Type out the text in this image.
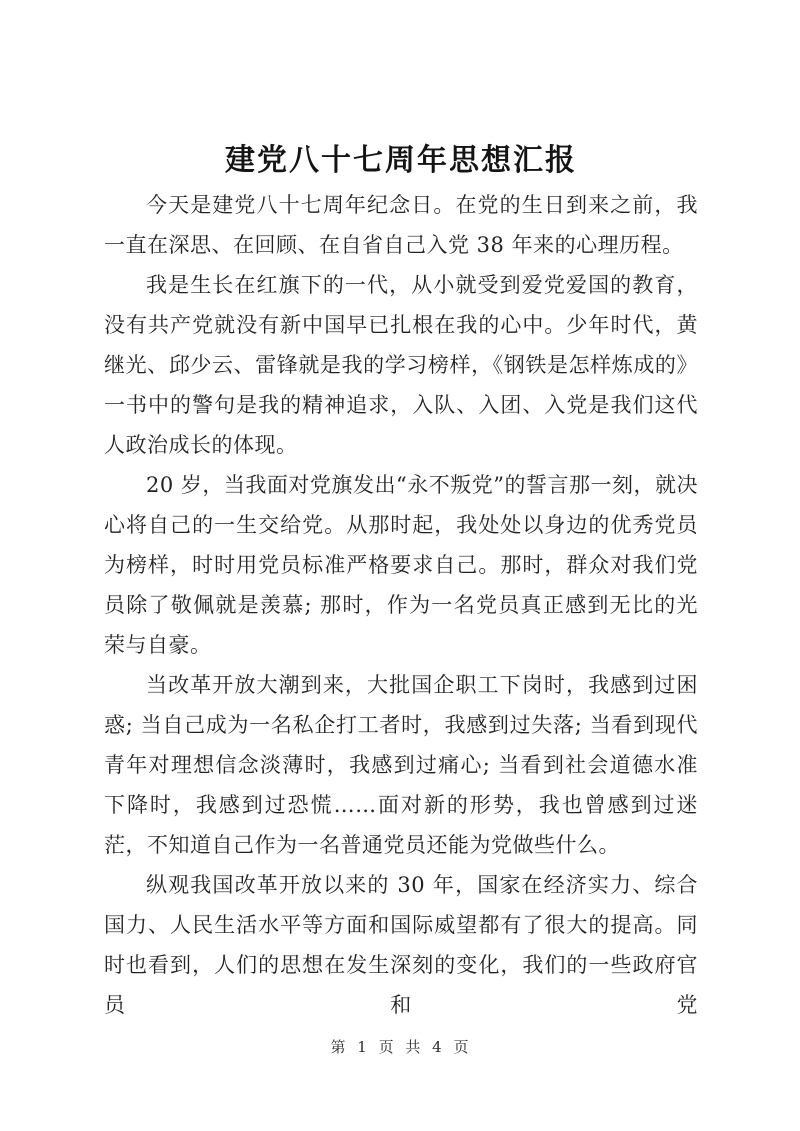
建党八十七周年思想汇报

今天是建党八十七周年纪念日。在党的生日到来之前，我一直在深思、在回顾、在自省自己入党 38 年来的心理历程。

我是生长在红旗下的一代，从小就受到爱党爱国的教育，没有共产党就没有新中国早已扎根在我的心中。少年时代，黄继光、邱少云、雷锋就是我的学习榜样，《钢铁是怎样炼成的》一书中的警句是我的精神追求，入队、入团、入党是我们这代人政治成长的体现。

20 岁，当我面对党旗发出“永不叛党”的誓言那一刻，就决心将自己的一生交给党。从那时起，我处处以身边的优秀党员为榜样，时时用党员标准严格要求自己。那时，群众对我们党员除了敬佩就是羡慕; 那时，作为一名党员真正感到无比的光荣与自豪。

当改革开放大潮到来，大批国企职工下岗时，我感到过困惑; 当自己成为一名私企打工者时，我感到过失落; 当看到现代青年对理想信念淡薄时，我感到过痛心; 当看到社会道德水准下降时，我感到过恐慌……面对新的形势，我也曾感到过迷茫，不知道自己作为一名普通党员还能为党做些什么。

纵观我国改革开放以来的 30 年，国家在经济实力、综合国力、人民生活水平等方面和国际威望都有了很大的提高。同时也看到，人们的思想在发生深刻的变化，我们的一些政府官员和党

第 1 页 共 4 页
